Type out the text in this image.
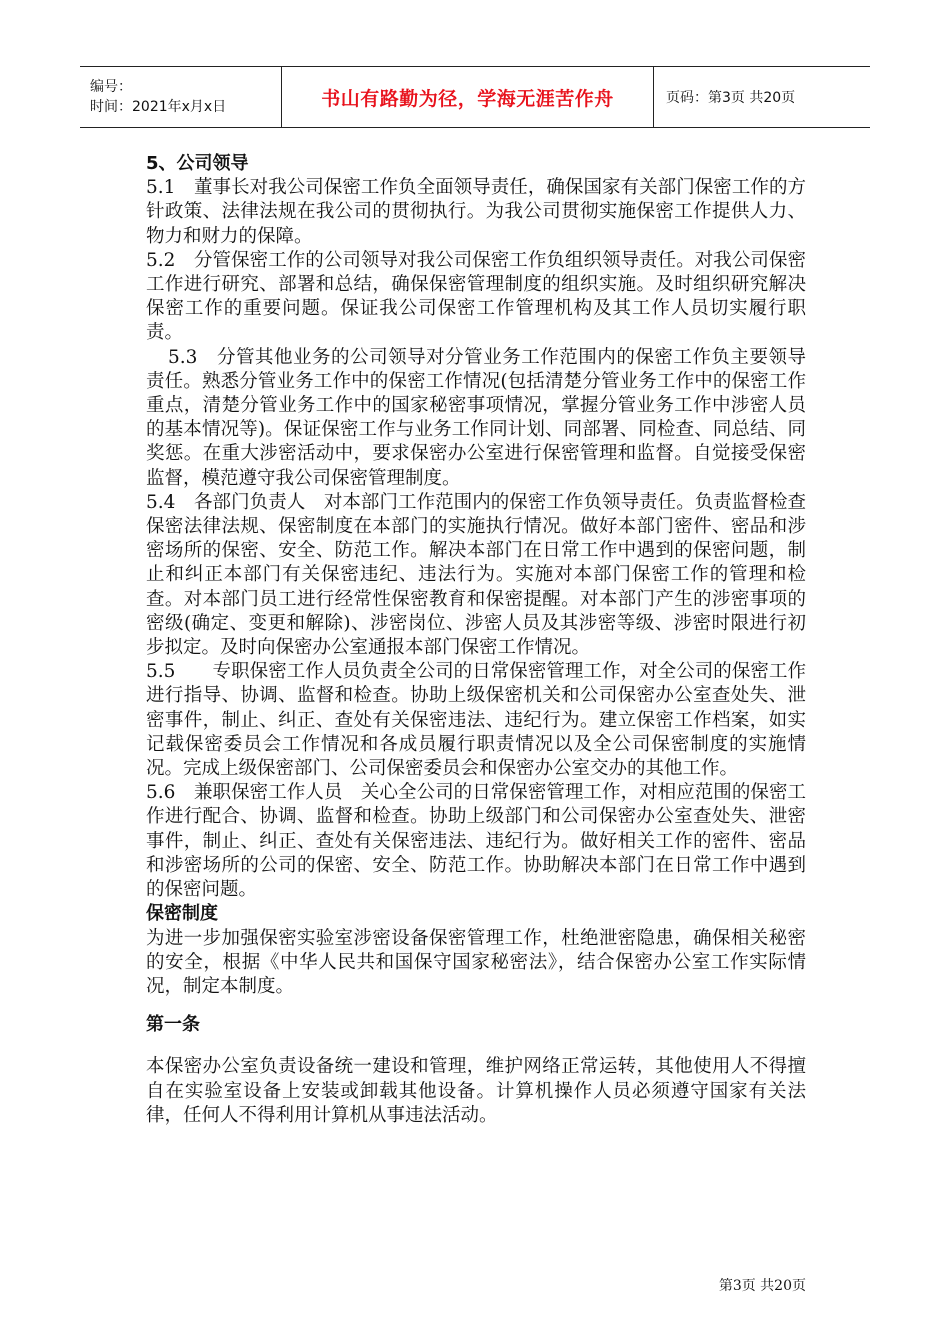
编号：
时间：2021年x月x日	书山有路勤为径，学海无涯苦作舟	页码：第3页 共20页

5、公司领导

5.1　董事长对我公司保密工作负全面领导责任，确保国家有关部门保密工作的方针政策、法律法规在我公司的贯彻执行。为我公司贯彻实施保密工作提供人力、物力和财力的保障。

5.2　分管保密工作的公司领导对我公司保密工作负组织领导责任。对我公司保密工作进行研究、部署和总结，确保保密管理制度的组织实施。及时组织研究解决保密工作的重要问题。保证我公司保密工作管理机构及其工作人员切实履行职责。

5.3　分管其他业务的公司领导对分管业务工作范围内的保密工作负主要领导责任。熟悉分管业务工作中的保密工作情况(包括清楚分管业务工作中的保密工作重点，清楚分管业务工作中的国家秘密事项情况，掌握分管业务工作中涉密人员的基本情况等)。保证保密工作与业务工作同计划、同部署、同检查、同总结、同奖惩。在重大涉密活动中，要求保密办公室进行保密管理和监督。自觉接受保密监督，模范遵守我公司保密管理制度。

5.4　各部门负责人　对本部门工作范围内的保密工作负领导责任。负责监督检查保密法律法规、保密制度在本部门的实施执行情况。做好本部门密件、密品和涉密场所的保密、安全、防范工作。解决本部门在日常工作中遇到的保密问题，制止和纠正本部门有关保密违纪、违法行为。实施对本部门保密工作的管理和检查。对本部门员工进行经常性保密教育和保密提醒。对本部门产生的涉密事项的密级(确定、变更和解除)、涉密岗位、涉密人员及其涉密等级、涉密时限进行初步拟定。及时向保密办公室通报本部门保密工作情况。

5.5　　专职保密工作人员负责全公司的日常保密管理工作，对全公司的保密工作进行指导、协调、监督和检查。协助上级保密机关和公司保密办公室查处失、泄密事件，制止、纠正、查处有关保密违法、违纪行为。建立保密工作档案，如实记载保密委员会工作情况和各成员履行职责情况以及全公司保密制度的实施情况。完成上级保密部门、公司保密委员会和保密办公室交办的其他工作。

5.6　兼职保密工作人员　关心全公司的日常保密管理工作，对相应范围的保密工作进行配合、协调、监督和检查。协助上级部门和公司保密办公室查处失、泄密事件，制止、纠正、查处有关保密违法、违纪行为。做好相关工作的密件、密品和涉密场所的公司的保密、安全、防范工作。协助解决本部门在日常工作中遇到的保密问题。

保密制度

为进一步加强保密实验室涉密设备保密管理工作，杜绝泄密隐患，确保相关秘密的安全，根据《中华人民共和国保守国家秘密法》，结合保密办公室工作实际情况，制定本制度。

第一条

本保密办公室负责设备统一建设和管理，维护网络正常运转，其他使用人不得擅自在实验室设备上安装或卸载其他设备。计算机操作人员必须遵守国家有关法律，任何人不得利用计算机从事违法活动。

第3页 共20页
